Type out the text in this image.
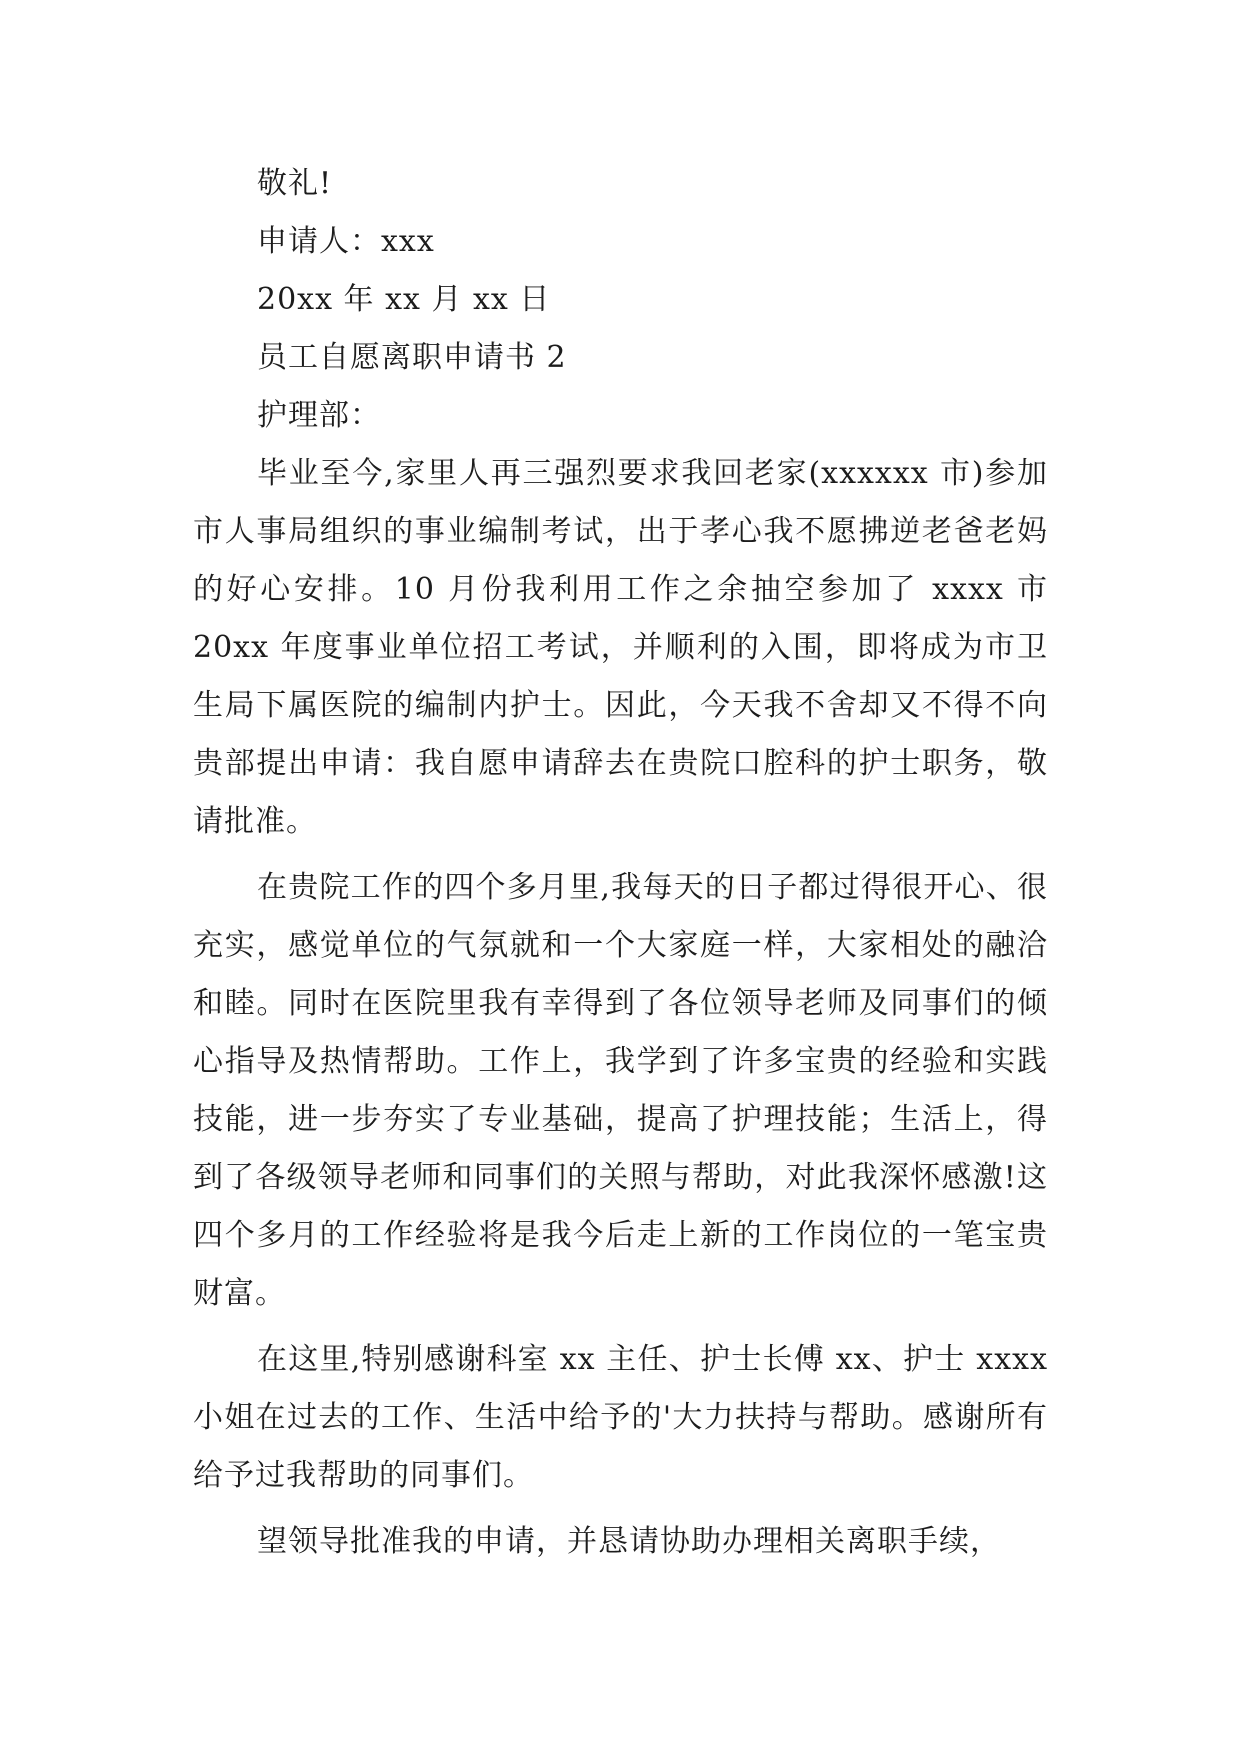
敬礼!
申请人：xxx
20xx 年 xx 月 xx 日
员工自愿离职申请书 2
护理部：
毕业至今,家里人再三强烈要求我回老家(xxxxxx 市)参加市人事局组织的事业编制考试，出于孝心我不愿拂逆老爸老妈的好心安排。10 月份我利用工作之余抽空参加了 xxxx 市 20xx 年度事业单位招工考试，并顺利的入围，即将成为市卫生局下属医院的编制内护士。因此，今天我不舍却又不得不向贵部提出申请：我自愿申请辞去在贵院口腔科的护士职务，敬请批准。
在贵院工作的四个多月里,我每天的日子都过得很开心、很充实，感觉单位的气氛就和一个大家庭一样，大家相处的融洽和睦。同时在医院里我有幸得到了各位领导老师及同事们的倾心指导及热情帮助。工作上，我学到了许多宝贵的经验和实践技能，进一步夯实了专业基础，提高了护理技能；生活上，得到了各级领导老师和同事们的关照与帮助，对此我深怀感激!这四个多月的工作经验将是我今后走上新的工作岗位的一笔宝贵财富。
在这里,特别感谢科室 xx 主任、护士长傅 xx、护士 xxxx小姐在过去的工作、生活中给予的'大力扶持与帮助。感谢所有给予过我帮助的同事们。
望领导批准我的申请，并恳请协助办理相关离职手续，
